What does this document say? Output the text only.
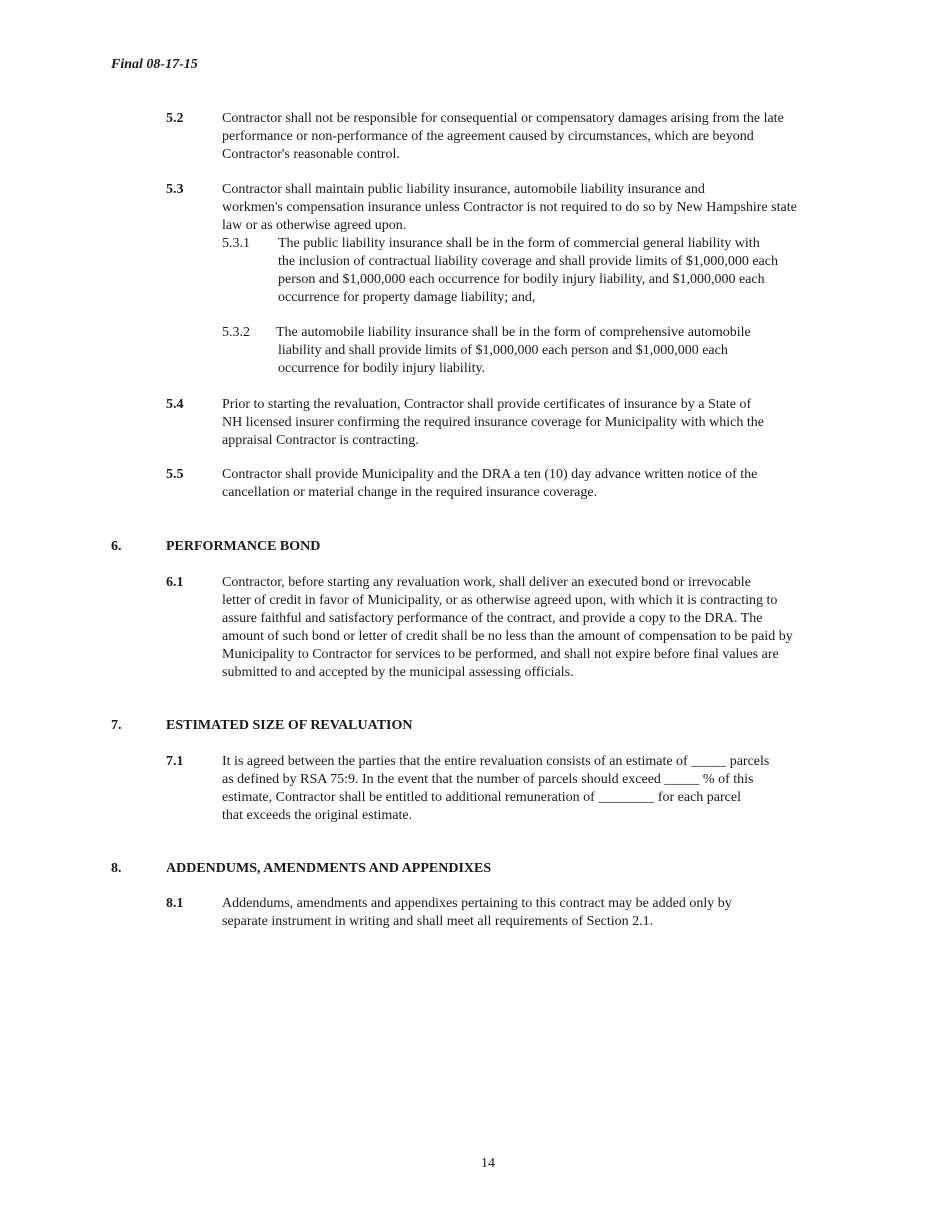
Final 08-17-15
5.2	Contractor shall not be responsible for consequential or compensatory damages arising from the late
performance or non-performance of the agreement caused by circumstances, which are beyond
Contractor's reasonable control.
5.3	Contractor shall maintain public liability insurance, automobile liability insurance and
workmen's compensation insurance unless Contractor is not required to do so by New Hampshire state
law or as otherwise agreed upon.
5.3.1 The public liability insurance shall be in the form of commercial general liability with
the inclusion of contractual liability coverage and shall provide limits of $1,000,000 each
person and $1,000,000 each occurrence for bodily injury liability, and $1,000,000 each
occurrence for property damage liability; and,
5.3.2 The automobile liability insurance shall be in the form of comprehensive automobile
liability and shall provide limits of $1,000,000 each person and $1,000,000 each
occurrence for bodily injury liability.
5.4	Prior to starting the revaluation, Contractor shall provide certificates of insurance by a State of
NH licensed insurer confirming the required insurance coverage for Municipality with which the
appraisal Contractor is contracting.
5.5	Contractor shall provide Municipality and the DRA a ten (10) day advance written notice of the
cancellation or material change in the required insurance coverage.
6.	PERFORMANCE BOND
6.1	Contractor, before starting any revaluation work, shall deliver an executed bond or irrevocable
letter of credit in favor of Municipality, or as otherwise agreed upon, with which it is contracting to
assure faithful and satisfactory performance of the contract, and provide a copy to the DRA. The
amount of such bond or letter of credit shall be no less than the amount of compensation to be paid by
Municipality to Contractor for services to be performed, and shall not expire before final values are
submitted to and accepted by the municipal assessing officials.
7.	ESTIMATED SIZE OF REVALUATION
7.1	It is agreed between the parties that the entire revaluation consists of an estimate of _____ parcels
as defined by RSA 75:9. In the event that the number of parcels should exceed _____ % of this
estimate, Contractor shall be entitled to additional remuneration of ________ for each parcel
that exceeds the original estimate.
8.	ADDENDUMS, AMENDMENTS AND APPENDIXES
8.1	Addendums, amendments and appendixes pertaining to this contract may be added only by
separate instrument in writing and shall meet all requirements of Section 2.1.
14
